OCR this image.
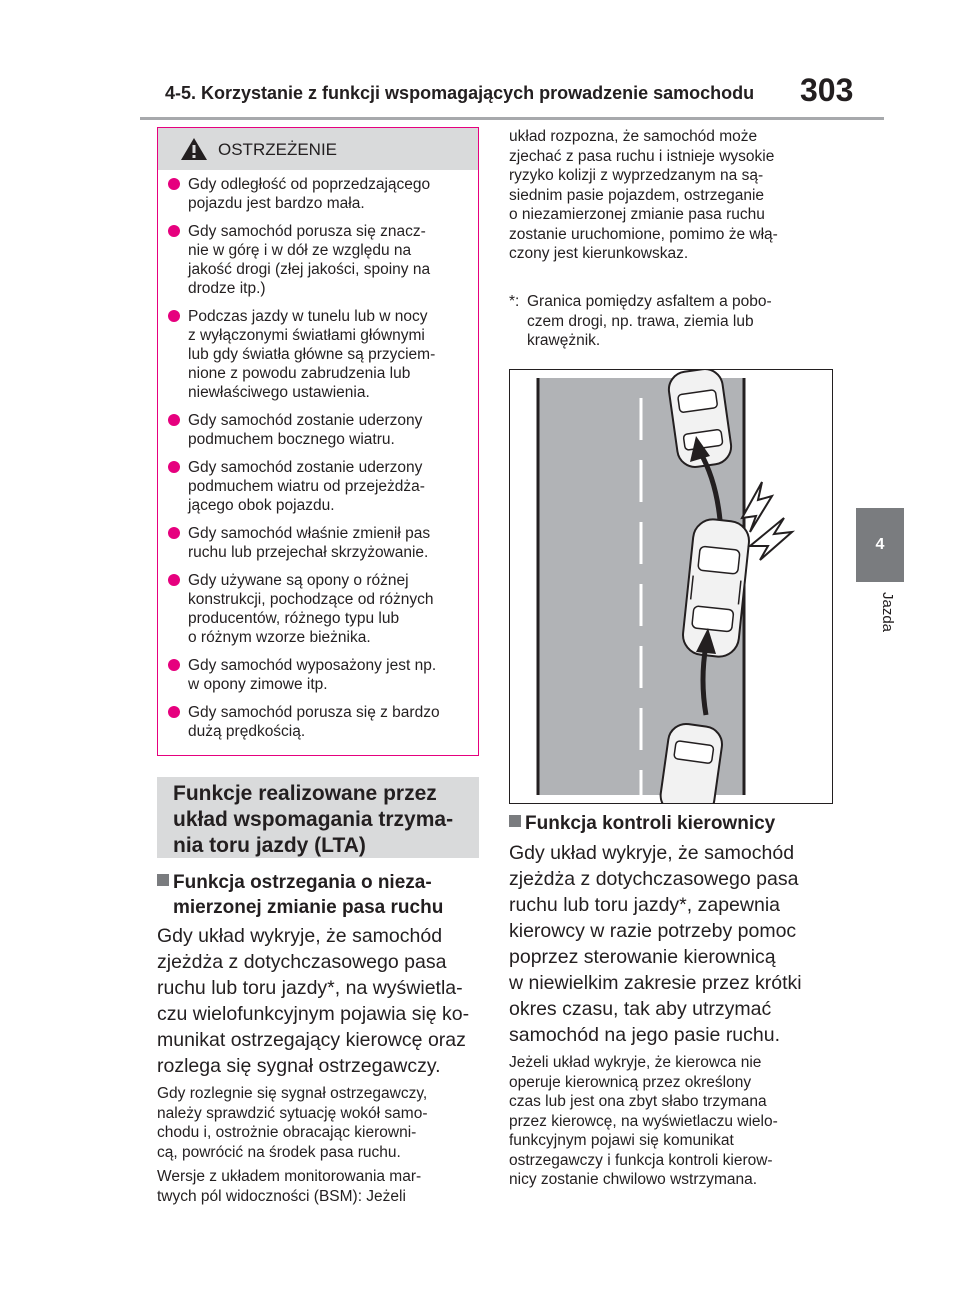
4-5. Korzystanie z funkcji wspomagających prowadzenie samochodu 303
4
Jazda
OSTRZEŻENIE
Gdy odległość od poprzedzającego
pojazdu jest bardzo mała.
Gdy samochód porusza się znacz-
nie w górę i w dół ze względu na
jakość drogi (złej jakości, spoiny na
drodze itp.)
Podczas jazdy w tunelu lub w nocy
z wyłączonymi światłami głównymi
lub gdy światła główne są przyciem-
nione z powodu zabrudzenia lub
niewłaściwego ustawienia.
Gdy samochód zostanie uderzony
podmuchem bocznego wiatru.
Gdy samochód zostanie uderzony
podmuchem wiatru od przejeżdża-
jącego obok pojazdu.
Gdy samochód właśnie zmienił pas
ruchu lub przejechał skrzyżowanie.
Gdy używane są opony o różnej
konstrukcji, pochodzące od różnych
producentów, różnego typu lub
o różnym wzorze bieżnika.
Gdy samochód wyposażony jest np.
w opony zimowe itp.
Gdy samochód porusza się z bardzo
dużą prędkością.
Funkcje realizowane przez
układ wspomagania trzyma-
nia toru jazdy (LTA)
Funkcja ostrzegania o nieza-
mierzonej zmianie pasa ruchu
Gdy układ wykryje, że samochód
zjeżdża z dotychczasowego pasa
ruchu lub toru jazdy*, na wyświetla-
czu wielofunkcyjnym pojawia się ko-
munikat ostrzegający kierowcę oraz
rozlega się sygnał ostrzegawczy.
Gdy rozlegnie się sygnał ostrzegawczy,
należy sprawdzić sytuację wokół samo-
chodu i, ostrożnie obracając kierowni-
cą, powrócić na środek pasa ruchu.
Wersje z układem monitorowania mar-
twych pól widoczności (BSM): Jeżeli
układ rozpozna, że samochód może
zjechać z pasa ruchu i istnieje wysokie
ryzyko kolizji z wyprzedzanym na są-
siednim pasie pojazdem, ostrzeganie
o niezamierzonej zmianie pasa ruchu
zostanie uruchomione, pomimo że włą-
czony jest kierunkowskaz.
*: Granica pomiędzy asfaltem a pobo-
czem drogi, np. trawa, ziemia lub
krawężnik.
Funkcja kontroli kierownicy
Gdy układ wykryje, że samochód
zjeżdża z dotychczasowego pasa
ruchu lub toru jazdy*, zapewnia
kierowcy w razie potrzeby pomoc
poprzez sterowanie kierownicą
w niewielkim zakresie przez krótki
okres czasu, tak aby utrzymać
samochód na jego pasie ruchu.
Jeżeli układ wykryje, że kierowca nie
operuje kierownicą przez określony
czas lub jest ona zbyt słabo trzymana
przez kierowcę, na wyświetlaczu wielo-
funkcyjnym pojawi się komunikat
ostrzegawczy i funkcja kontroli kierow-
nicy zostanie chwilowo wstrzymana.
